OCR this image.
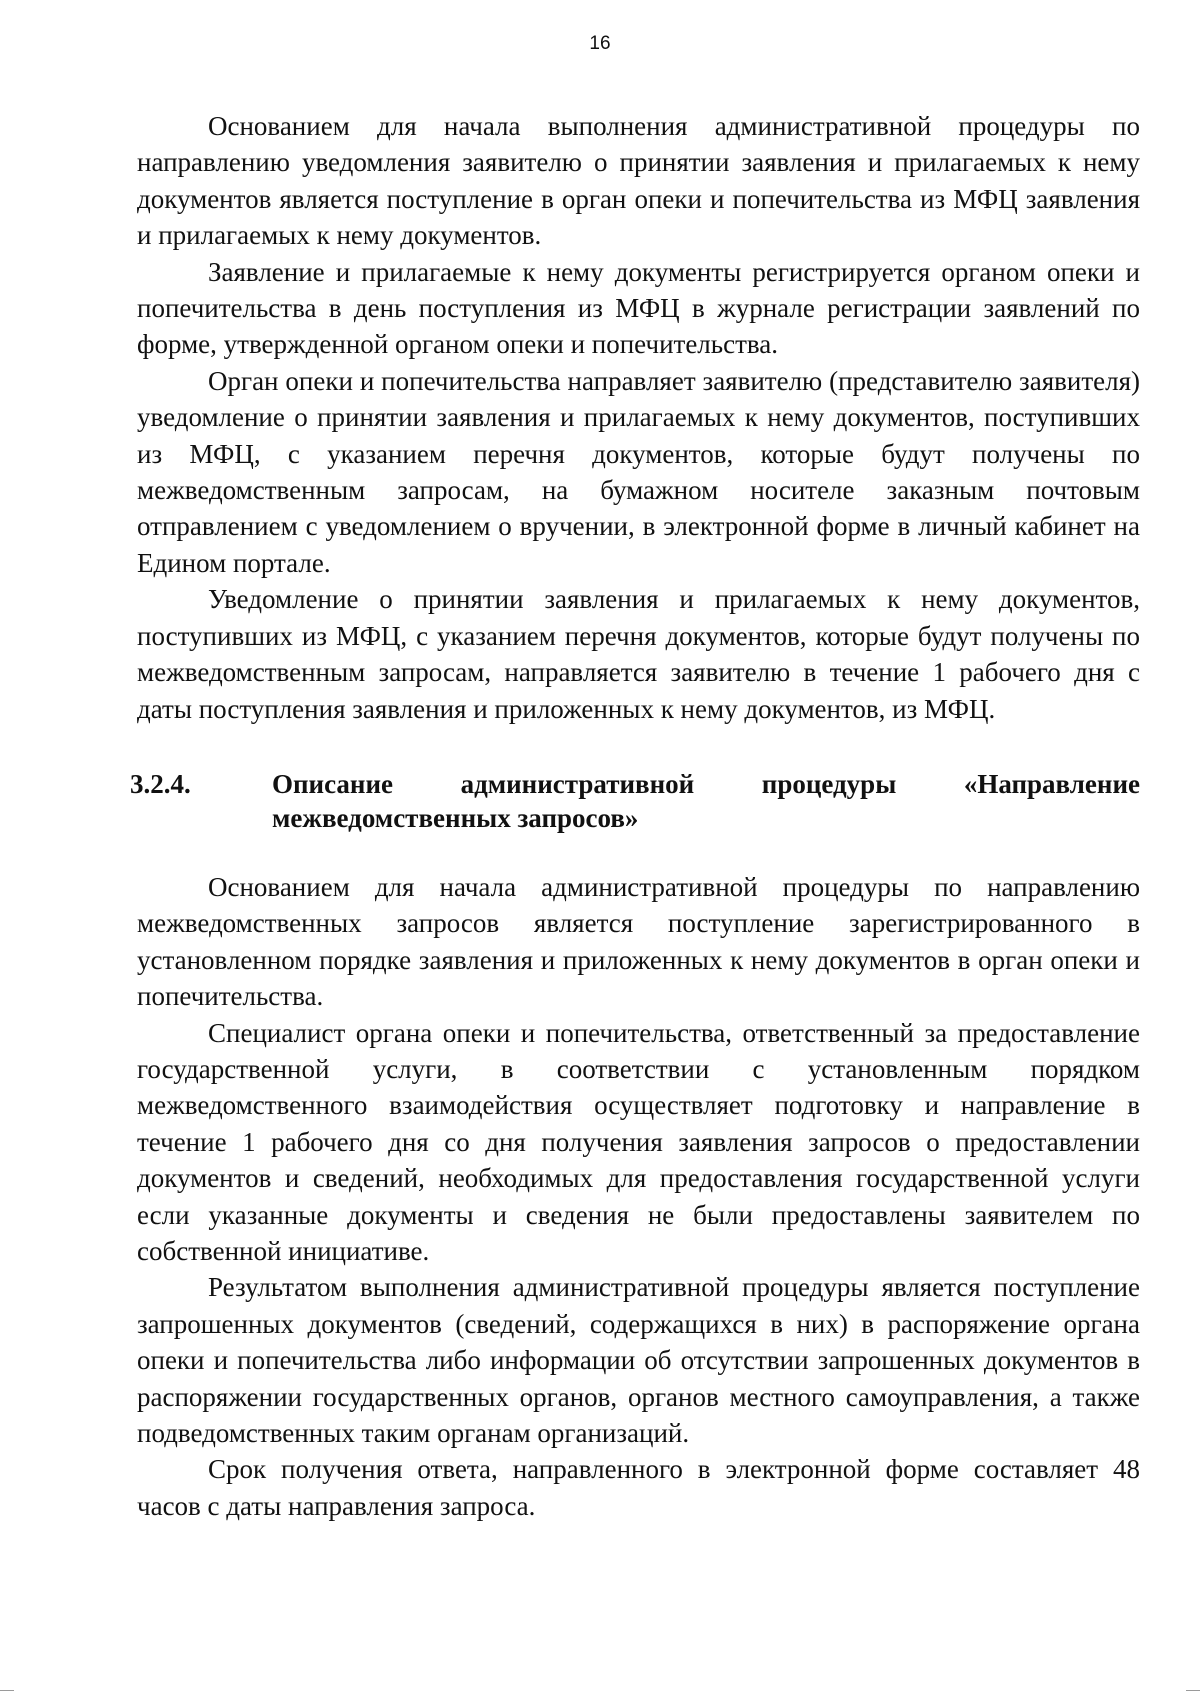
16

Основанием для начала выполнения административной процедуры по направлению уведомления заявителю о принятии заявления и прилагаемых к нему документов является поступление в орган опеки и попечительства из МФЦ заявления и прилагаемых к нему документов.

Заявление и прилагаемые к нему документы регистрируется органом опеки и попечительства в день поступления из МФЦ в журнале регистрации заявлений по форме, утвержденной органом опеки и попечительства.

Орган опеки и попечительства направляет заявителю (представителю заявителя) уведомление о принятии заявления и прилагаемых к нему документов, поступивших из МФЦ, с указанием перечня документов, которые будут получены по межведомственным запросам, на бумажном носителе заказным почтовым отправлением с уведомлением о вручении, в электронной форме в личный кабинет на Едином портале.

Уведомление о принятии заявления и прилагаемых к нему документов, поступивших из МФЦ, с указанием перечня документов, которые будут получены по межведомственным запросам, направляется заявителю в течение 1 рабочего дня с даты поступления заявления и приложенных к нему документов, из МФЦ.

3.2.4.	Описание административной процедуры «Направление межведомственных запросов»

Основанием для начала административной процедуры по направлению межведомственных запросов является поступление зарегистрированного в установленном порядке заявления и приложенных к нему документов в орган опеки и попечительства.

Специалист органа опеки и попечительства, ответственный за предоставление государственной услуги, в соответствии с установленным порядком межведомственного взаимодействия осуществляет подготовку и направление в течение 1 рабочего дня со дня получения заявления запросов о предоставлении документов и сведений, необходимых для предоставления государственной услуги если указанные документы и сведения не были предоставлены заявителем по собственной инициативе.

Результатом выполнения административной процедуры является поступление запрошенных документов (сведений, содержащихся в них) в распоряжение органа опеки и попечительства либо информации об отсутствии запрошенных документов в распоряжении государственных органов, органов местного самоуправления, а также подведомственных таким органам организаций.

Срок получения ответа, направленного в электронной форме составляет 48 часов с даты направления запроса.
